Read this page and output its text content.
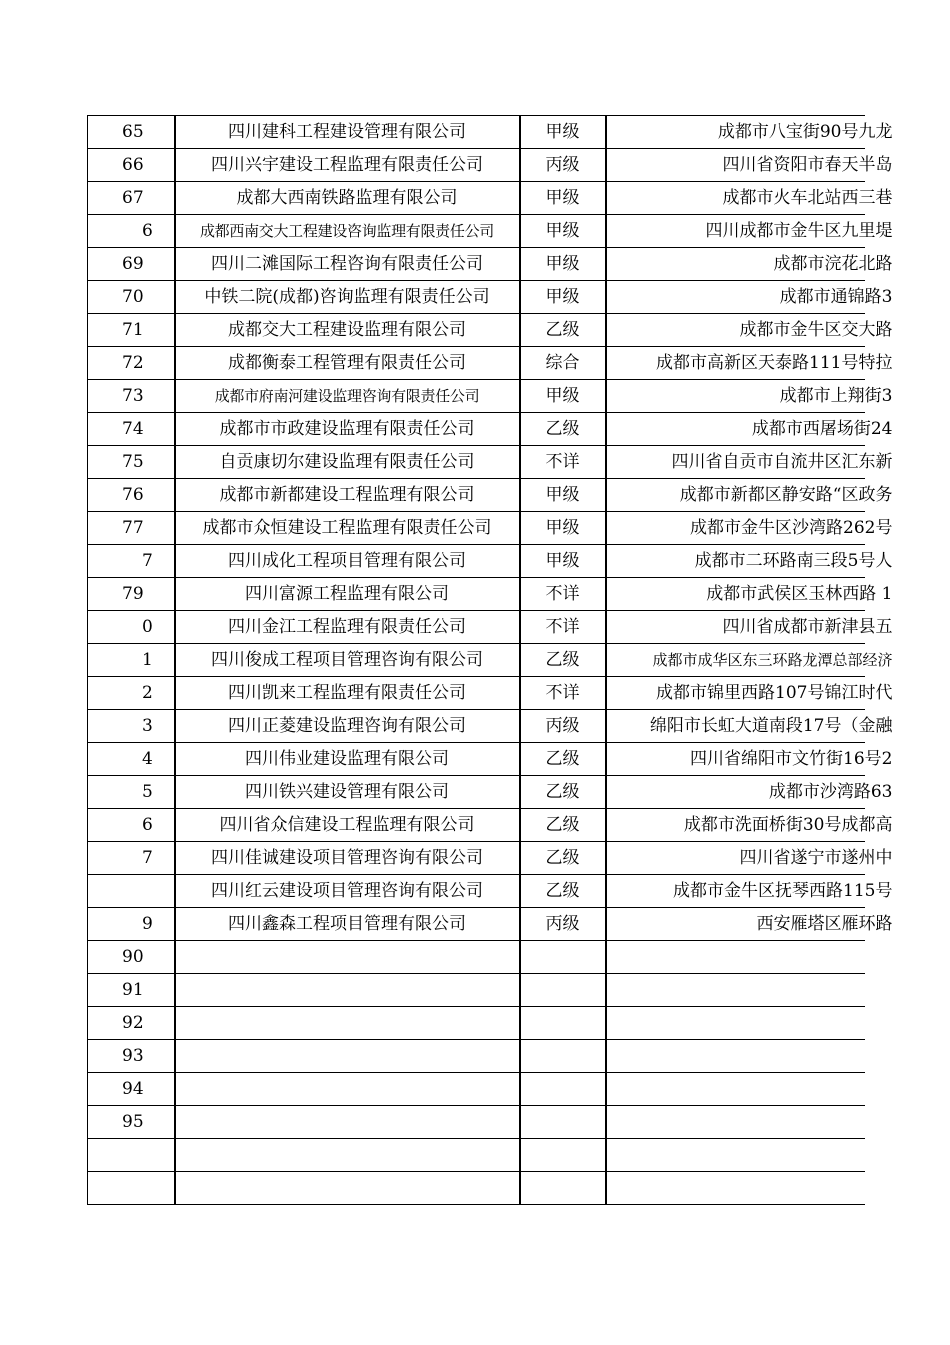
65	四川建科工程建设管理有限公司	甲级	成都市八宝街90号九龙

66	四川兴宇建设工程监理有限责任公司	丙级	四川省资阳市春天半岛

67	成都大西南铁路监理有限公司	甲级	成都市火车北站西三巷

6	成都西南交大工程建设咨询监理有限责任公司	甲级	四川成都市金牛区九里堤

69	四川二滩国际工程咨询有限责任公司	甲级	成都市浣花北路

70	中铁二院(成都)咨询监理有限责任公司	甲级	成都市通锦路3

71	成都交大工程建设监理有限公司	乙级	成都市金牛区交大路

72	成都衡泰工程管理有限责任公司	综合	成都市高新区天泰路111号特拉

73	成都市府南河建设监理咨询有限责任公司	甲级	成都市上翔街3

74	成都市市政建设监理有限责任公司	乙级	成都市西屠场街24

75	自贡康切尔建设监理有限责任公司	不详	四川省自贡市自流井区汇东新

76	成都市新都建设工程监理有限公司	甲级	成都市新都区静安路“区政务

77	成都市众恒建设工程监理有限责任公司	甲级	成都市金牛区沙湾路262号

7	四川成化工程项目管理有限公司	甲级	成都市二环路南三段5号人

79	四川富源工程监理有限公司	不详	成都市武侯区玉林西路 1

0	四川金江工程监理有限责任公司	不详	四川省成都市新津县五

1	四川俊成工程项目管理咨询有限公司	乙级	成都市成华区东三环路龙潭总部经济

2	四川凯来工程监理有限责任公司	不详	成都市锦里西路107号锦江时代

3	四川正菱建设监理咨询有限公司	丙级	绵阳市长虹大道南段17号（金融

4	四川伟业建设监理有限公司	乙级	四川省绵阳市文竹街16号2

5	四川铁兴建设管理有限公司	乙级	成都市沙湾路63

6	四川省众信建设工程监理有限公司	乙级	成都市洗面桥街30号成都高

7	四川佳诚建设项目管理咨询有限公司	乙级	四川省遂宁市遂州中

	四川红云建设项目管理咨询有限公司	乙级	成都市金牛区抚琴西路115号

9	四川鑫森工程项目管理有限公司	丙级	西安雁塔区雁环路

90			

91			

92			

93			

94			

95			
